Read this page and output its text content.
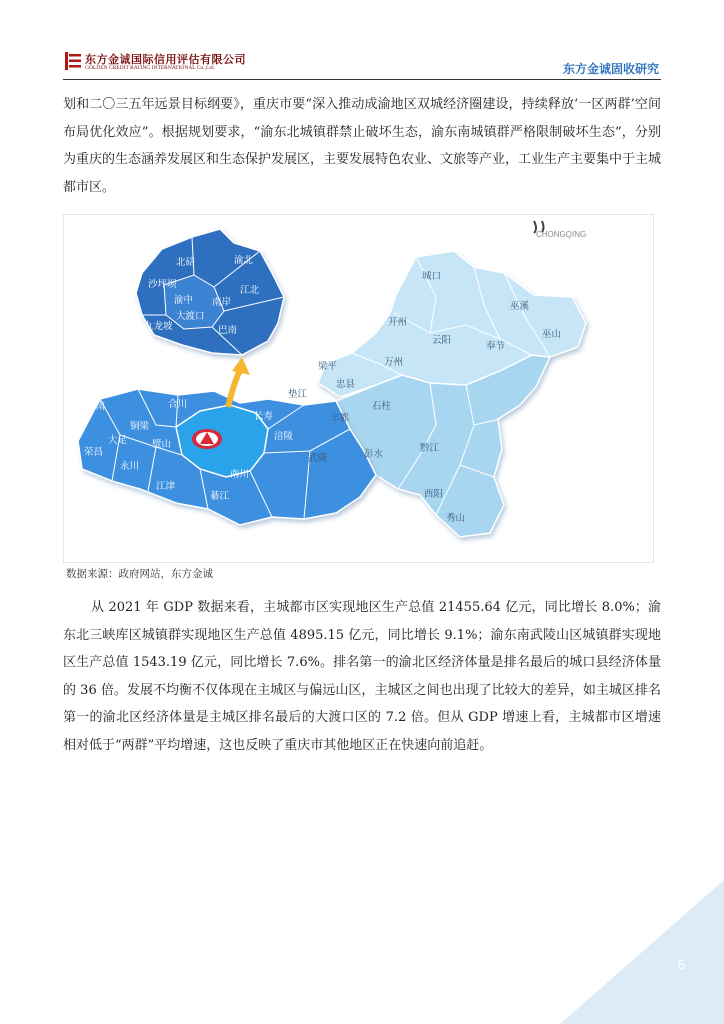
东方金诚国际信用评估有限公司
GOLDEN CREDIT RATING INTERNATIONAL Co.,Ltd.	东方金诚固收研究
划和二〇三五年远景目标纲要》，重庆市要“深入推动成渝地区双城经济圈建设，持续释放‘一区两群’空间布局优化效应”。根据规划要求，“渝东北城镇群禁止破坏生态，渝东南城镇群严格限制破坏生态”，分别为重庆的生态涵养发展区和生态保护发展区，主要发展特色农业、文旅等产业，工业生产主要集中于主城都市区。
CHONGQING
北碚	渝北
沙坪坝
江北
渝中 南岸
大渡口
九龙坡	巴南
城口
巫溪
开州
云阳
奉节
巫山
梁平	万州
忠县
垫江
石柱
丰都
武隆	彭水
黔江
酉阳
秀山
潼南	合川
铜梁
大足	璧山
荣昌
永川
长寿
涪陵
江津
綦江
南川
数据来源：政府网站，东方金诚
从 2021 年 GDP 数据来看，主城都市区实现地区生产总值 21455.64 亿元，同比增长 8.0%；渝东北三峡库区城镇群实现地区生产总值 4895.15 亿元，同比增长 9.1%；渝东南武陵山区城镇群实现地区生产总值 1543.19 亿元，同比增长 7.6%。排名第一的渝北区经济体量是排名最后的城口县经济体量的 36 倍。发展不均衡不仅体现在主城区与偏远山区，主城区之间也出现了比较大的差异，如主城区排名第一的渝北区经济体量是主城区排名最后的大渡口区的 7.2 倍。但从 GDP 增速上看，主城都市区增速相对低于“两群”平均增速，这也反映了重庆市其他地区正在快速向前追赶。
5
